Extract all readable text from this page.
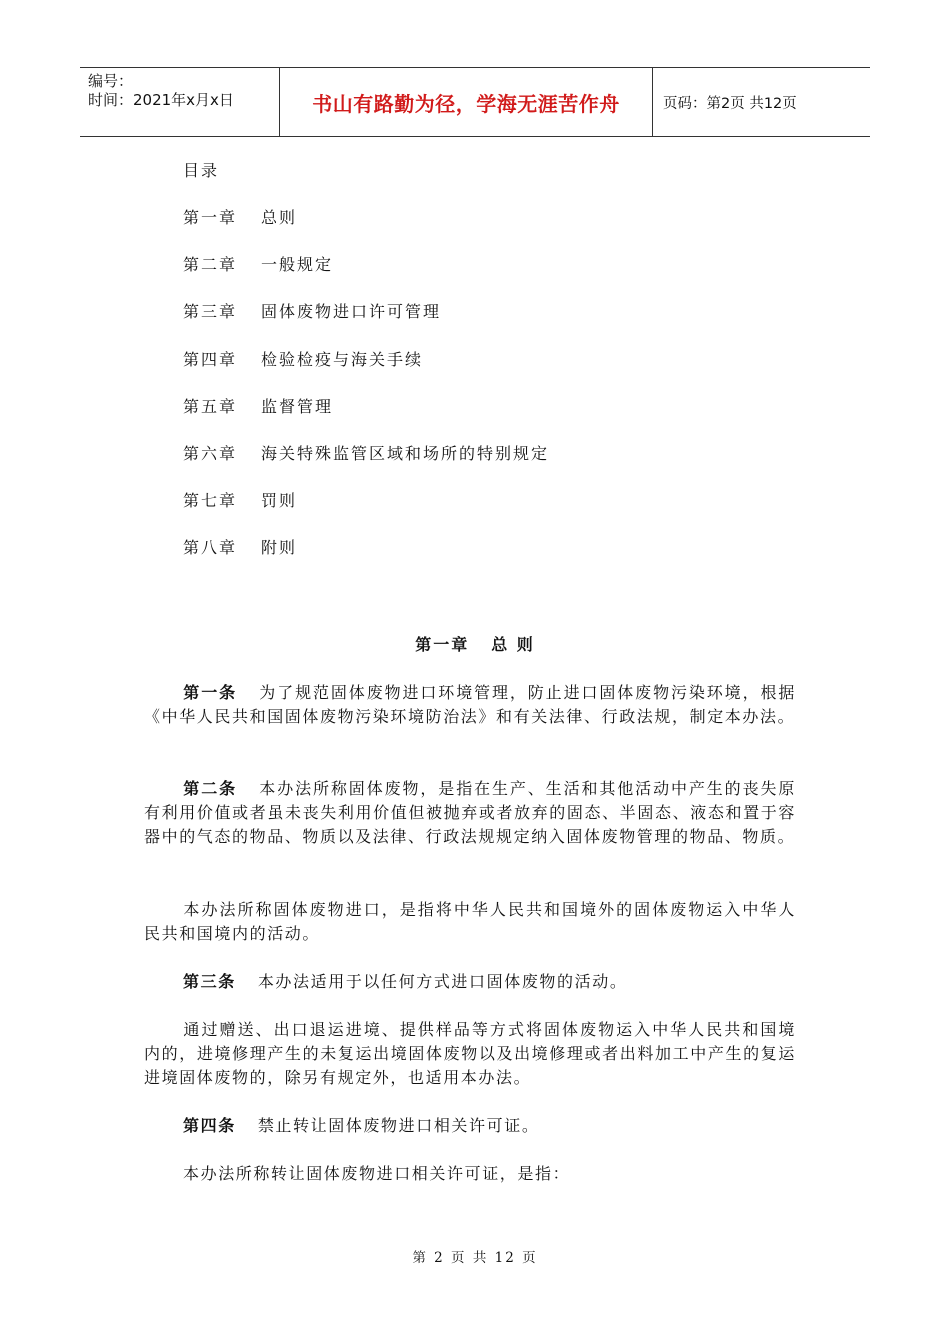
编号：
时间：2021年x月x日	书山有路勤为径，学海无涯苦作舟	页码：第2页 共12页
目录
第一章	总则
第二章	一般规定
第三章	固体废物进口许可管理
第四章	检验检疫与海关手续
第五章	监督管理
第六章	海关特殊监管区域和场所的特别规定
第七章	罚则
第八章	附则
第一章 总 则
第一条 为了规范固体废物进口环境管理，防止进口固体废物污染环境，根据《中华人民共和国固体废物污染环境防治法》和有关法律、行政法规，制定本办法。
第二条 本办法所称固体废物，是指在生产、生活和其他活动中产生的丧失原有利用价值或者虽未丧失利用价值但被抛弃或者放弃的固态、半固态、液态和置于容器中的气态的物品、物质以及法律、行政法规规定纳入固体废物管理的物品、物质。
本办法所称固体废物进口，是指将中华人民共和国境外的固体废物运入中华人民共和国境内的活动。
第三条 本办法适用于以任何方式进口固体废物的活动。
通过赠送、出口退运进境、提供样品等方式将固体废物运入中华人民共和国境内的，进境修理产生的未复运出境固体废物以及出境修理或者出料加工中产生的复运进境固体废物的，除另有规定外，也适用本办法。
第四条 禁止转让固体废物进口相关许可证。
本办法所称转让固体废物进口相关许可证，是指：
第 2 页 共 12 页
